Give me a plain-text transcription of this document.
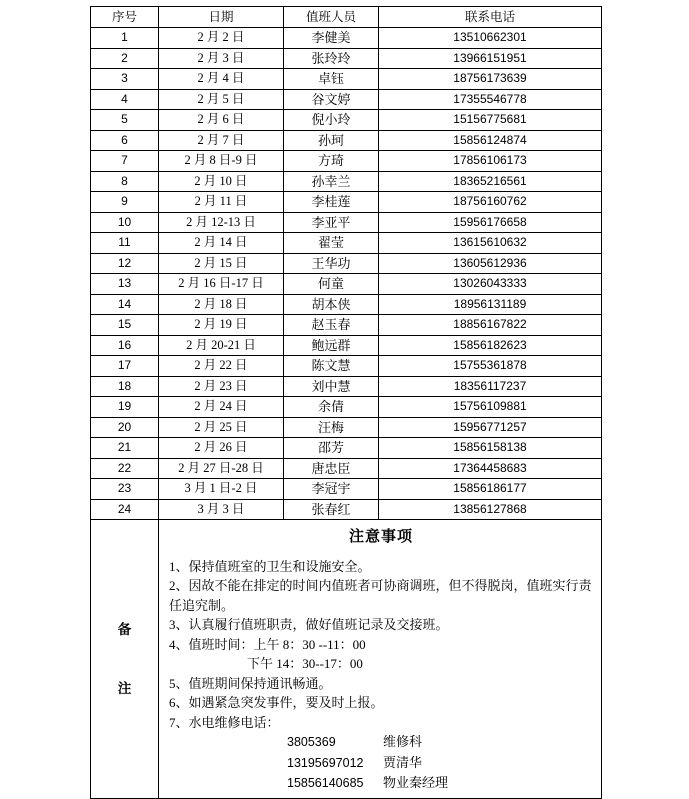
序号	日期	值班人员	联系电话
1	2 月 2 日	李健美	13510662301
2	2 月 3 日	张玲玲	13966151951
3	2 月 4 日	卓钰	18756173639
4	2 月 5 日	谷文婷	17355546778
5	2 月 6 日	倪小玲	15156775681
6	2 月 7 日	孙珂	15856124874
7	2 月 8 日-9 日	方琦	17856106173
8	2 月 10 日	孙幸兰	18365216561
9	2 月 11 日	李桂莲	18756160762
10	2 月 12-13 日	李亚平	15956176658
11	2 月 14 日	翟莹	13615610632
12	2 月 15 日	王华功	13605612936
13	2 月 16 日-17 日	何童	13026043333
14	2 月 18 日	胡本侠	18956131189
15	2 月 19 日	赵玉春	18856167822
16	2 月 20-21 日	鲍远群	15856182623
17	2 月 22 日	陈文慧	15755361878
18	2 月 23 日	刘中慧	18356117237
19	2 月 24 日	余倩	15756109881
20	2 月 25 日	汪梅	15956771257
21	2 月 26 日	邵芳	15856158138
22	2 月 27 日-28 日	唐忠臣	17364458683
23	3 月 1 日-2 日	李冠宇	15856186177
24	3 月 3 日	张春红	13856127868

备
注

注意事项
1、保持值班室的卫生和设施安全。
2、因故不能在排定的时间内值班者可协商调班，但不得脱岗，值班实行责任追究制。
3、认真履行值班职责，做好值班记录及交接班。
4、值班时间：上午 8：30 --11：00
下午 14：30--17：00
5、值班期间保持通讯畅通。
6、如遇紧急突发事件，要及时上报。
7、水电维修电话：
3805369	维修科
13195697012 贾清华
15856140685 物业秦经理
